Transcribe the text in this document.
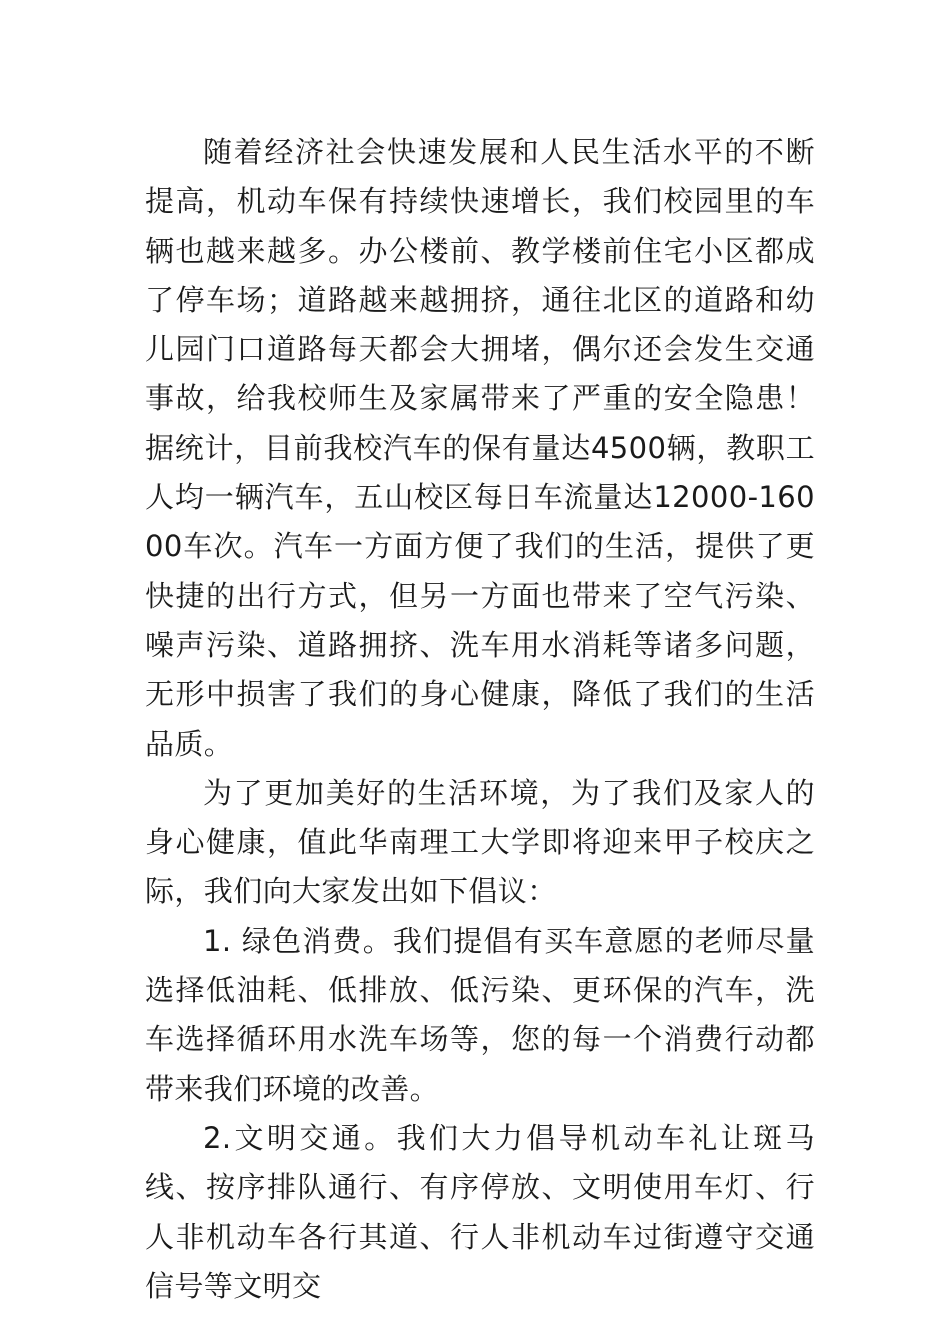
随着经济社会快速发展和人民生活水平的不断提高，机动车保有持续快速增长，我们校园里的车辆也越来越多。办公楼前、教学楼前住宅小区都成了停车场；道路越来越拥挤，通往北区的道路和幼儿园门口道路每天都会大拥堵，偶尔还会发生交通事故，给我校师生及家属带来了严重的安全隐患！据统计，目前我校汽车的保有量达4500辆，教职工人均一辆汽车，五山校区每日车流量达12000-16000车次。汽车一方面方便了我们的生活，提供了更快捷的出行方式，但另一方面也带来了空气污染、噪声污染、道路拥挤、洗车用水消耗等诸多问题，无形中损害了我们的身心健康，降低了我们的生活品质。

为了更加美好的生活环境，为了我们及家人的身心健康，值此华南理工大学即将迎来甲子校庆之际，我们向大家发出如下倡议：

1. 绿色消费。我们提倡有买车意愿的老师尽量选择低油耗、低排放、低污染、更环保的汽车，洗车选择循环用水洗车场等，您的每一个消费行动都带来我们环境的改善。

2.文明交通。我们大力倡导机动车礼让斑马线、按序排队通行、有序停放、文明使用车灯、行人非机动车各行其道、行人非机动车过街遵守交通信号等文明交
